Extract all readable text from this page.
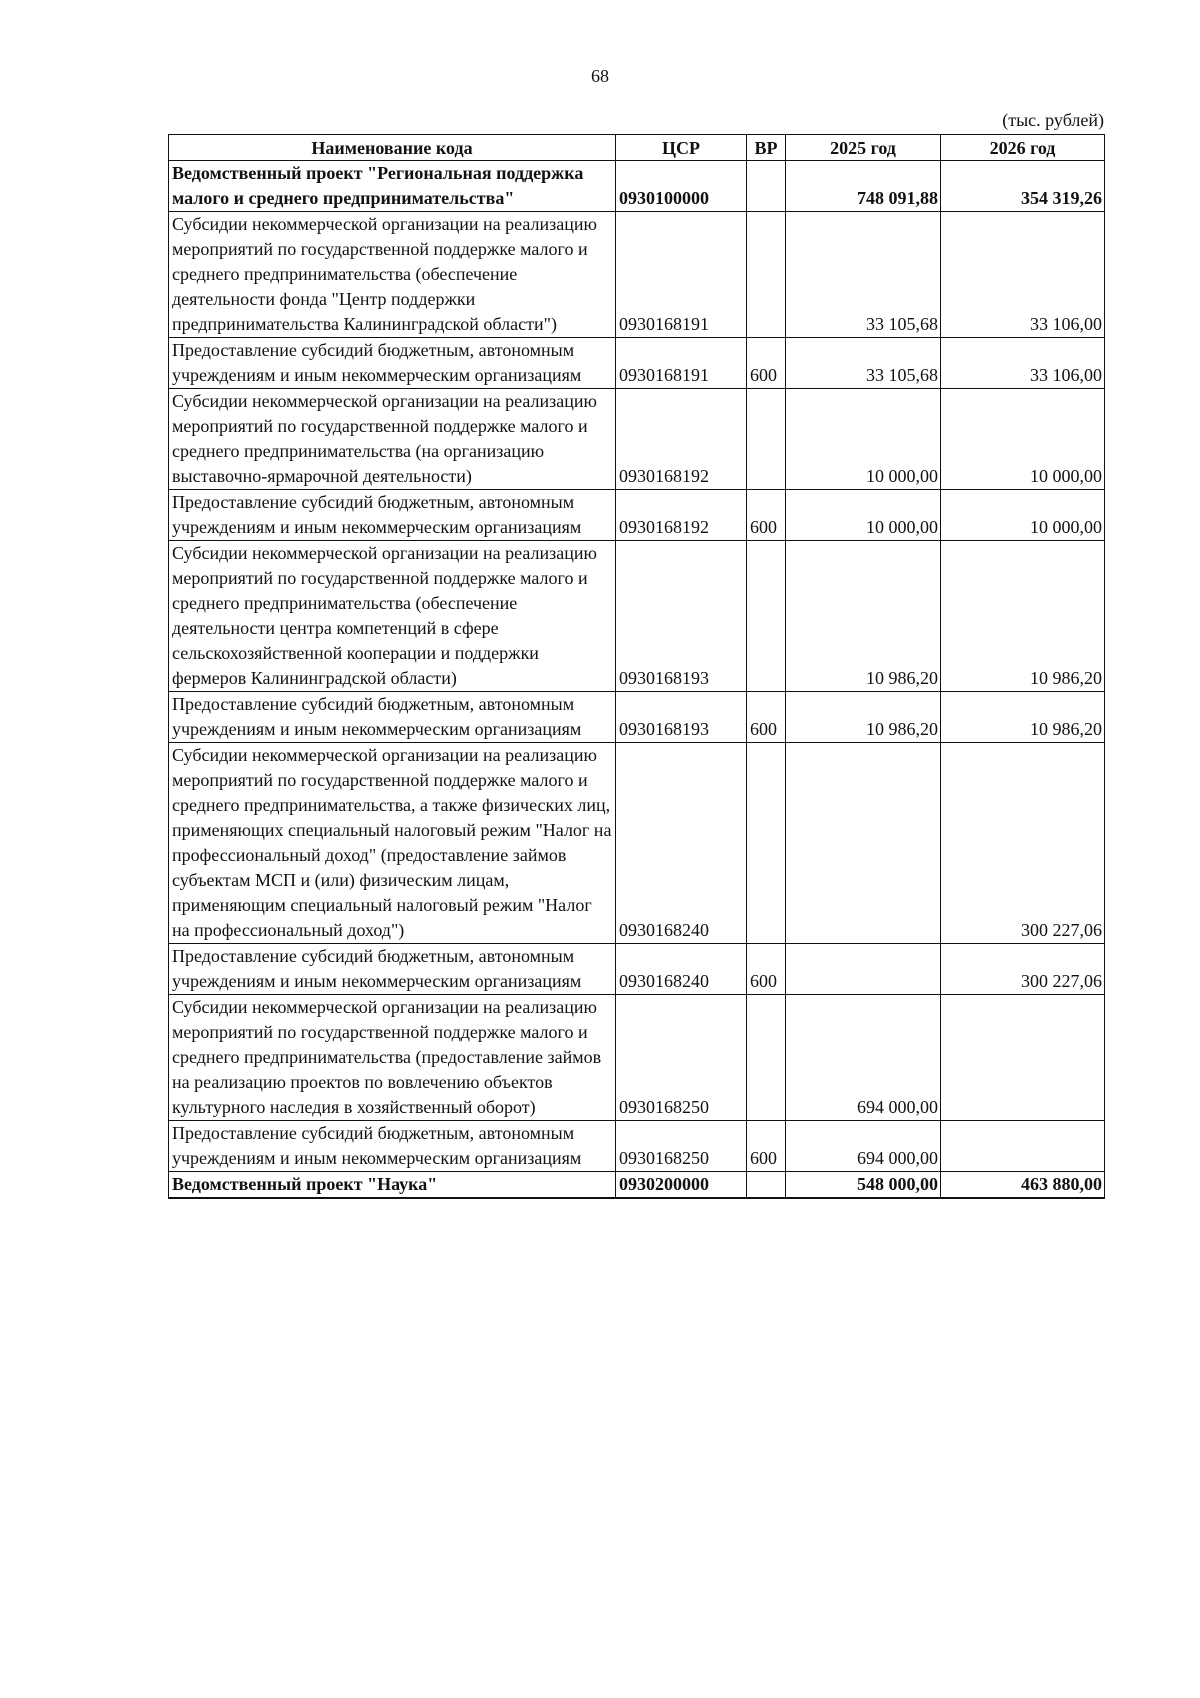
68
(тыс. рублей)
Наименование кода	ЦСР	ВР	2025 год	2026 год
Ведомственный проект "Региональная поддержка малого и среднего предпринимательства"	0930100000		748 091,88	354 319,26
Субсидии некоммерческой организации на реализацию мероприятий по государственной поддержке малого и среднего предпринимательства (обеспечение деятельности фонда "Центр поддержки предпринимательства Калининградской области")	0930168191		33 105,68	33 106,00
Предоставление субсидий бюджетным, автономным учреждениям и иным некоммерческим организациям	0930168191	600	33 105,68	33 106,00
Субсидии некоммерческой организации на реализацию мероприятий по государственной поддержке малого и среднего предпринимательства (на организацию выставочно-ярмарочной деятельности)	0930168192		10 000,00	10 000,00
Предоставление субсидий бюджетным, автономным учреждениям и иным некоммерческим организациям	0930168192	600	10 000,00	10 000,00
Субсидии некоммерческой организации на реализацию мероприятий по государственной поддержке малого и среднего предпринимательства (обеспечение деятельности центра компетенций в сфере сельскохозяйственной кооперации и поддержки фермеров Калининградской области)	0930168193		10 986,20	10 986,20
Предоставление субсидий бюджетным, автономным учреждениям и иным некоммерческим организациям	0930168193	600	10 986,20	10 986,20
Субсидии некоммерческой организации на реализацию мероприятий по государственной поддержке малого и среднего предпринимательства, а также физических лиц, применяющих специальный налоговый режим "Налог на профессиональный доход" (предоставление займов субъектам МСП и (или) физическим лицам, применяющим специальный налоговый режим "Налог на профессиональный доход")	0930168240			300 227,06
Предоставление субсидий бюджетным, автономным учреждениям и иным некоммерческим организациям	0930168240	600		300 227,06
Субсидии некоммерческой организации на реализацию мероприятий по государственной поддержке малого и среднего предпринимательства (предоставление займов на реализацию проектов по вовлечению объектов культурного наследия в хозяйственный оборот)	0930168250		694 000,00	
Предоставление субсидий бюджетным, автономным учреждениям и иным некоммерческим организациям	0930168250	600	694 000,00	
Ведомственный проект "Наука"	0930200000		548 000,00	463 880,00
